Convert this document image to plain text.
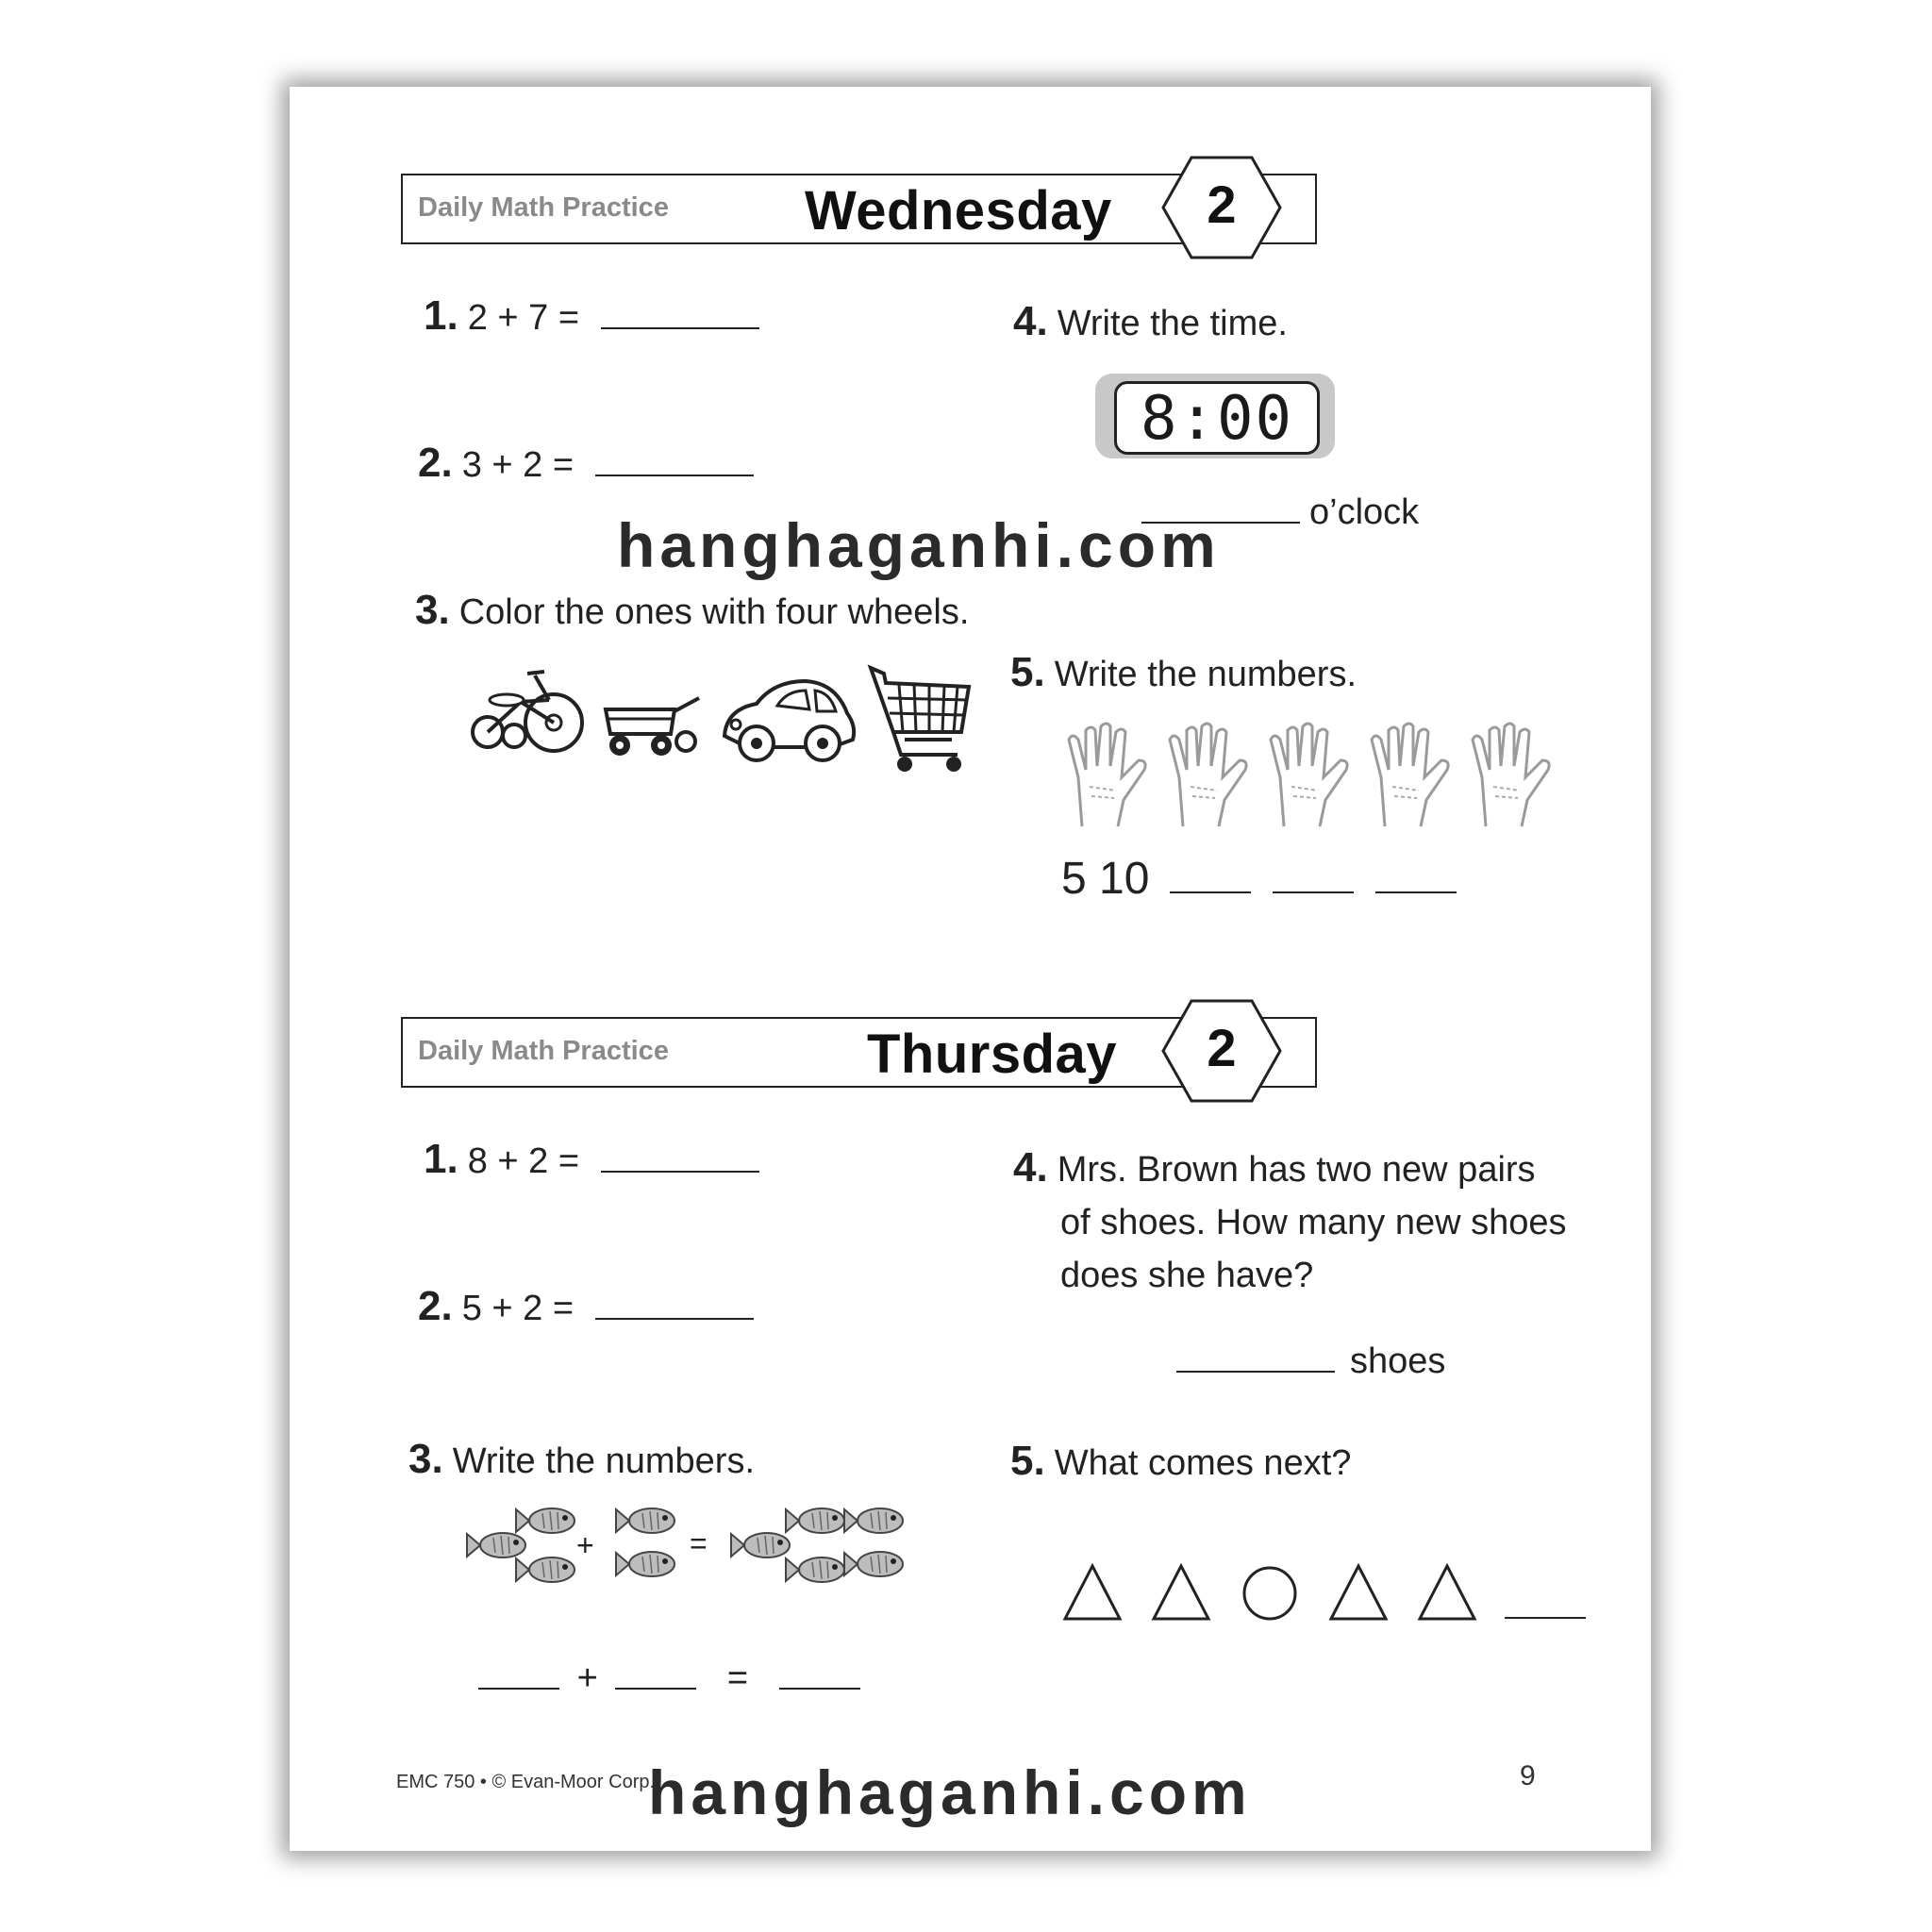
Daily Math Practice Wednesday	2
1. 2 + 7 =
2. 3 + 2 =
3. Color the ones with four wheels.
4. Write the time.
8:00
o’clock
5. Write the numbers.
5 10
Daily Math Practice	Thursday	2
1. 8 + 2 =
2. 5 + 2 =
3. Write the numbers.
+	=
+	=
4. Mrs. Brown has two new pairs
of shoes. How many new shoes
does she have?
shoes
5. What comes next?
EMC 750 • © Evan-Moor Corp.	9
hanghaganhi.com
hanghaganhi.com
